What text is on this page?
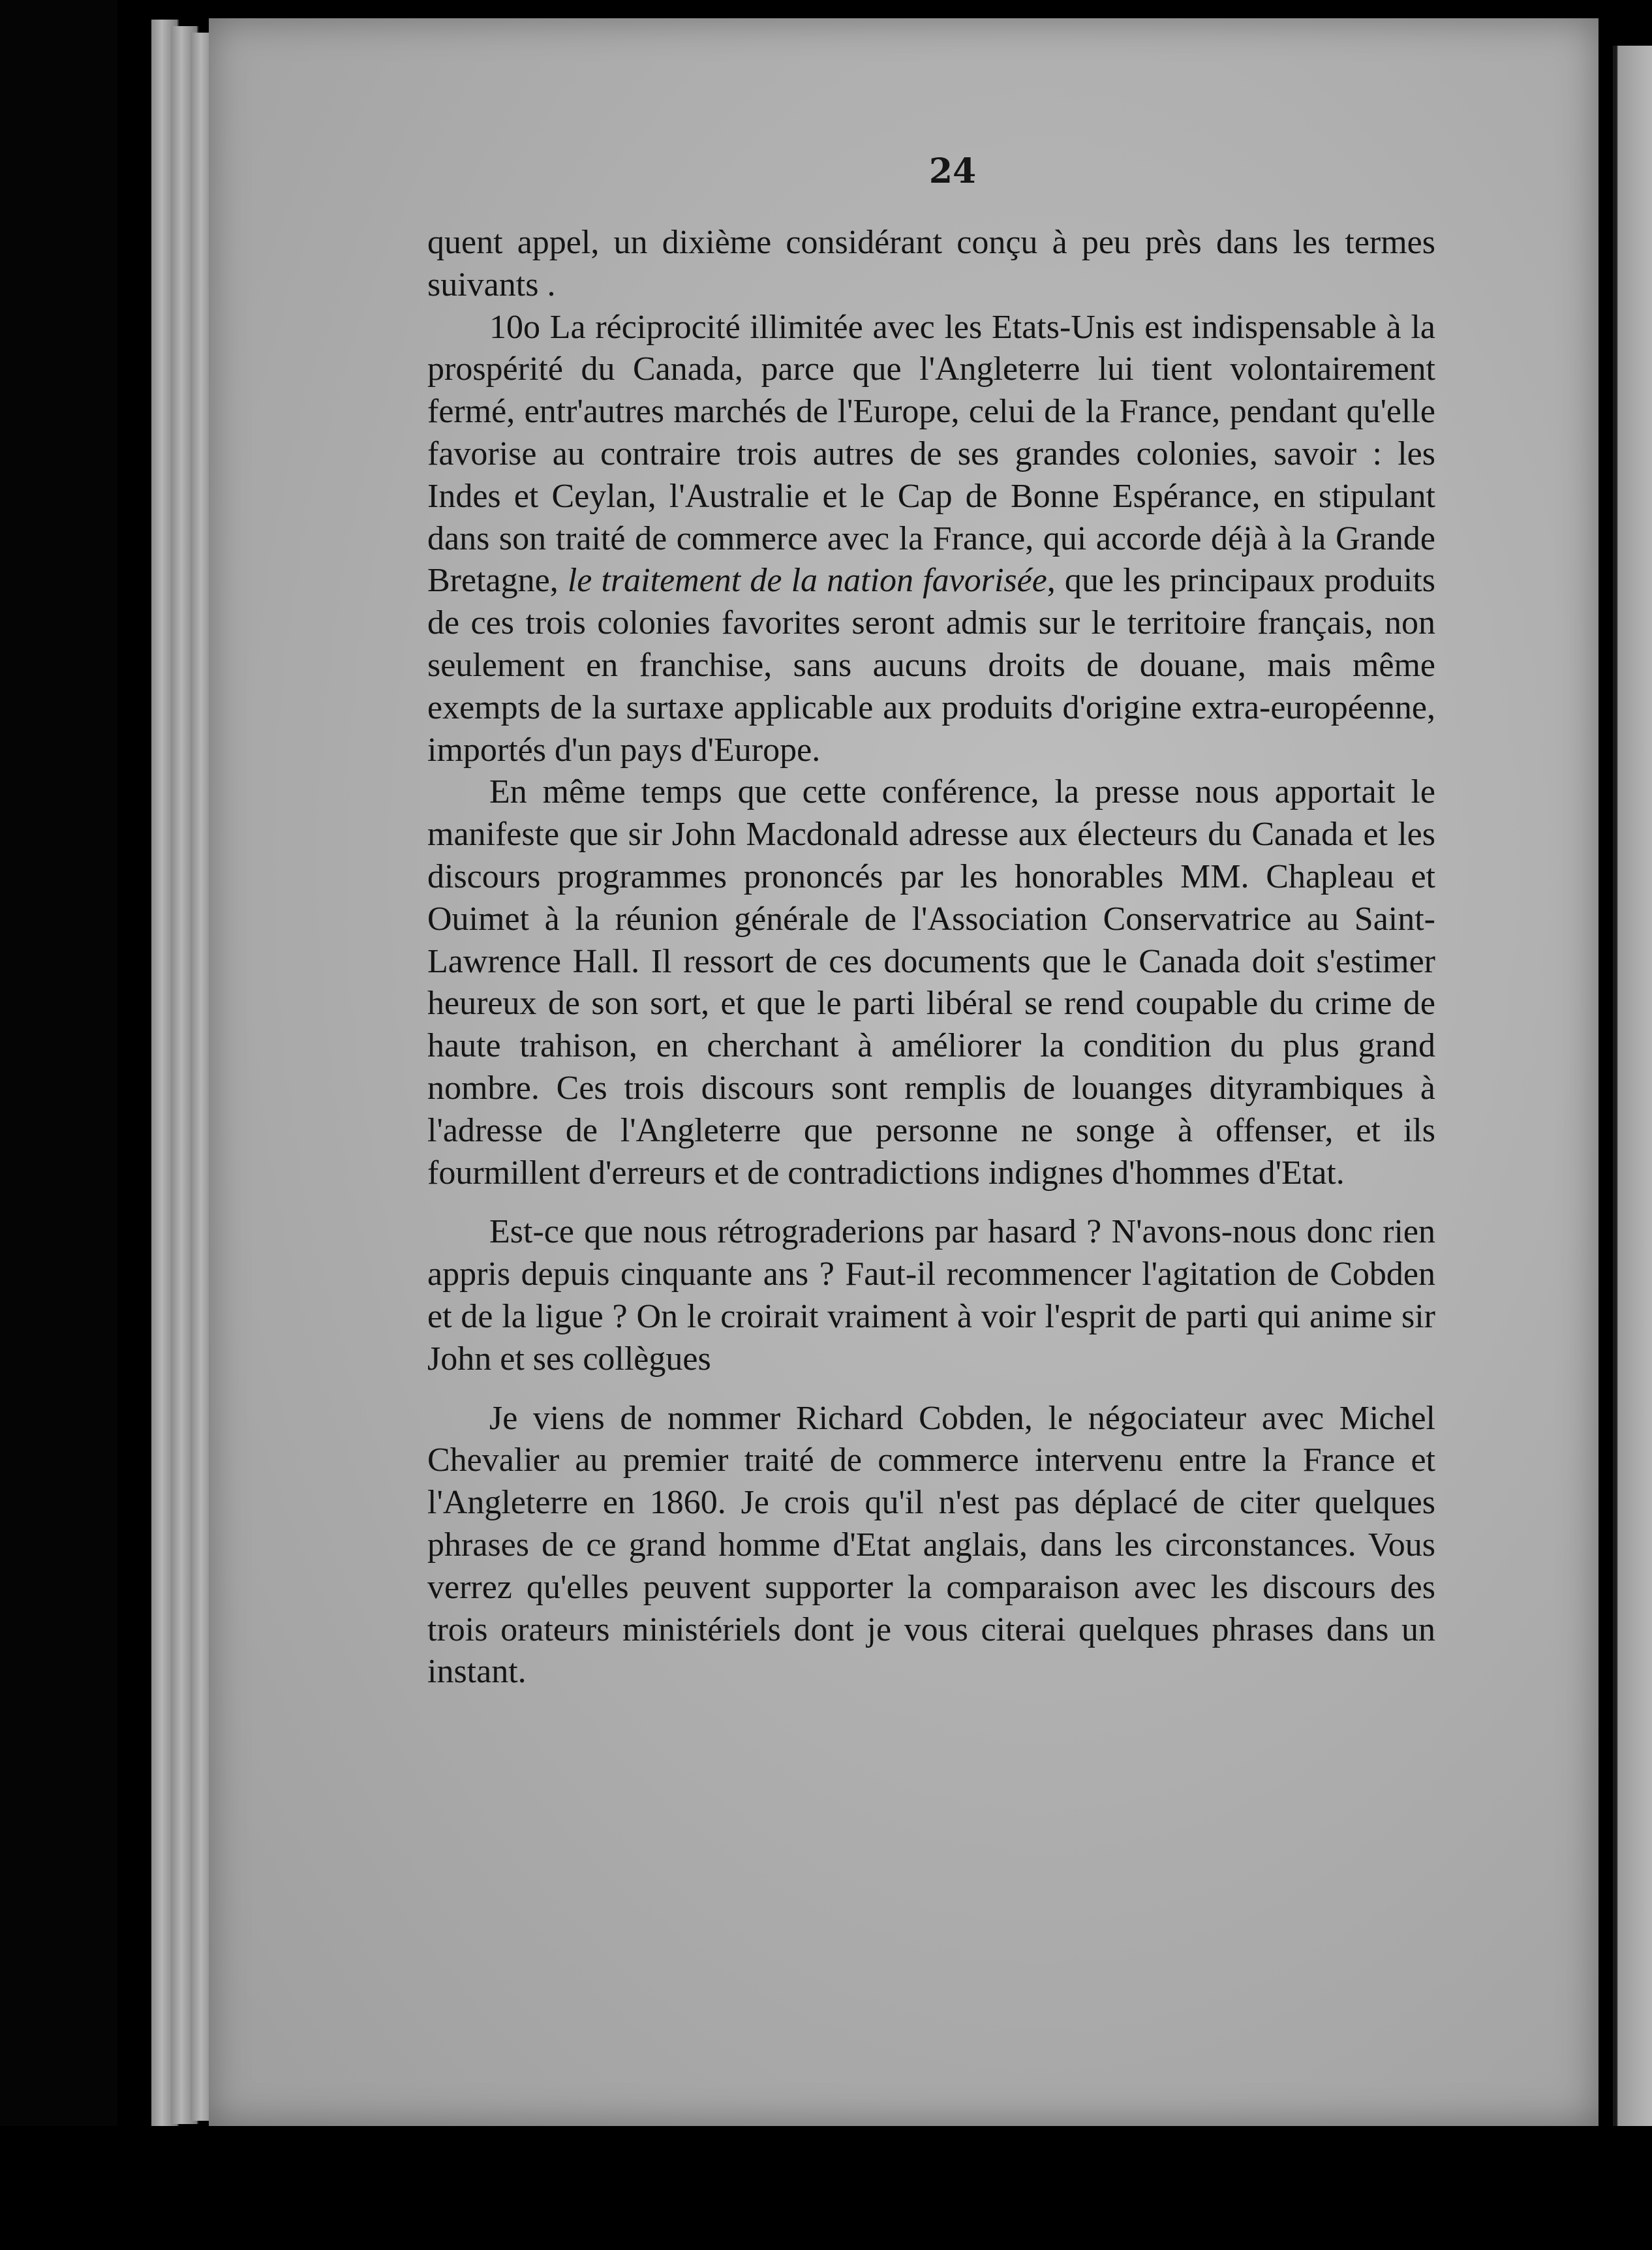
24

quent appel, un dixième considérant conçu à peu près dans les termes suivants .

10o La réciprocité illimitée avec les Etats-Unis est indispensable à la prospérité du Canada, parce que l'Angleterre lui tient volontairement fermé, entr'autres marchés de l'Europe, celui de la France, pendant qu'elle favorise au contraire trois autres de ses grandes colonies, savoir : les Indes et Ceylan, l'Australie et le Cap de Bonne Espérance, en stipulant dans son traité de commerce avec la France, qui accorde déjà à la Grande Bretagne, le traitement de la nation favorisée, que les principaux produits de ces trois colonies favorites seront admis sur le territoire français, non seulement en franchise, sans aucuns droits de douane, mais même exempts de la surtaxe applicable aux produits d'origine extra-européenne, importés d'un pays d'Europe.

En même temps que cette conférence, la presse nous apportait le manifeste que sir John Macdonald adresse aux électeurs du Canada et les discours programmes prononcés par les honorables MM. Chapleau et Ouimet à la réunion générale de l'Association Conservatrice au Saint-Lawrence Hall. Il ressort de ces documents que le Canada doit s'estimer heureux de son sort, et que le parti libéral se rend coupable du crime de haute trahison, en cherchant à améliorer la condition du plus grand nombre. Ces trois discours sont remplis de louanges dityrambiques à l'adresse de l'Angleterre que personne ne songe à offenser, et ils fourmillent d'erreurs et de contradictions indignes d'hommes d'Etat.

Est-ce que nous rétrograderions par hasard ? N'avons-nous donc rien appris depuis cinquante ans ? Faut-il recommencer l'agitation de Cobden et de la ligue ? On le croirait vraiment à voir l'esprit de parti qui anime sir John et ses collègues

Je viens de nommer Richard Cobden, le négociateur avec Michel Chevalier au premier traité de commerce intervenu entre la France et l'Angleterre en 1860. Je crois qu'il n'est pas déplacé de citer quelques phrases de ce grand homme d'Etat anglais, dans les circonstances. Vous verrez qu'elles peuvent supporter la comparaison avec les discours des trois orateurs ministériels dont je vous citerai quelques phrases dans un instant.
